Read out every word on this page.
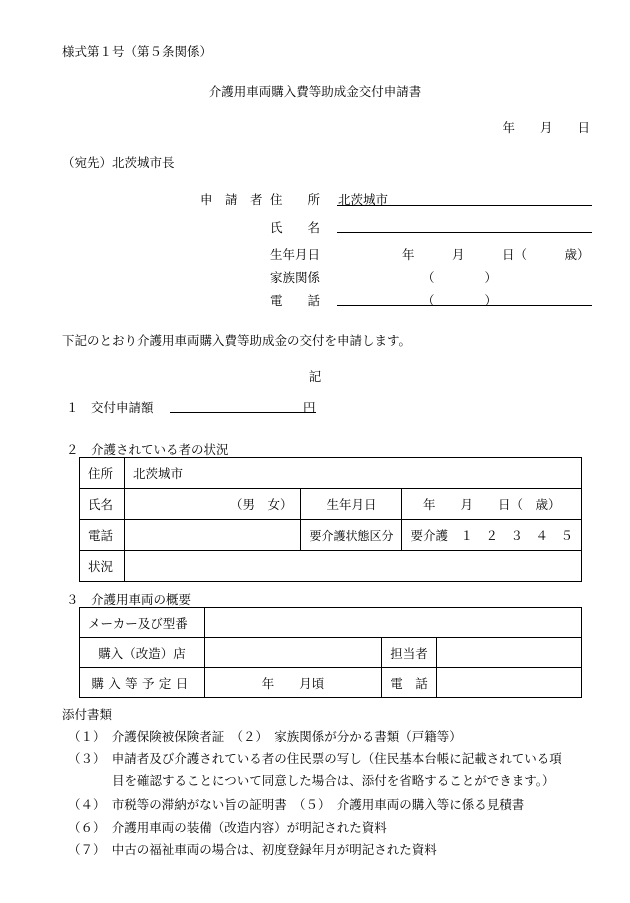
様式第１号（第５条関係）
介護用車両購入費等助成金交付申請書
年　　月　　日
（宛先）北茨城市長
申　請　者 住　　所 北茨城市
氏　　名
生年月日	年　　　月　　　日（　　　歳）
家族関係	（　　　　）
電　　話	（　　　　）
下記のとおり介護用車両購入費等助成金の交付を申請します。
記
１　交付申請額	円
２　介護されている者の状況
住所	北茨城市		
氏名	（男　女）	生年月日	年　　月　　日（　歳）
電話		要介護状態区分	要介護　１　２　３　４　５
状況			
３　介護用車両の概要
メーカー及び型番			
購入（改造）店		担当者	
購入等予定日	年　　月頃	電　話	
添付書類
（１）　介護保険被保険者証　（２）　家族関係が分かる書類（戸籍等）
（３）　申請者及び介護されている者の住民票の写し（住民基本台帳に記載されている項
目を確認することについて同意した場合は、添付を省略することができます。）
（４）　市税等の滞納がない旨の証明書　（５）　介護用車両の購入等に係る見積書
（６）　介護用車両の装備（改造内容）が明記された資料
（７）　中古の福祉車両の場合は、初度登録年月が明記された資料
